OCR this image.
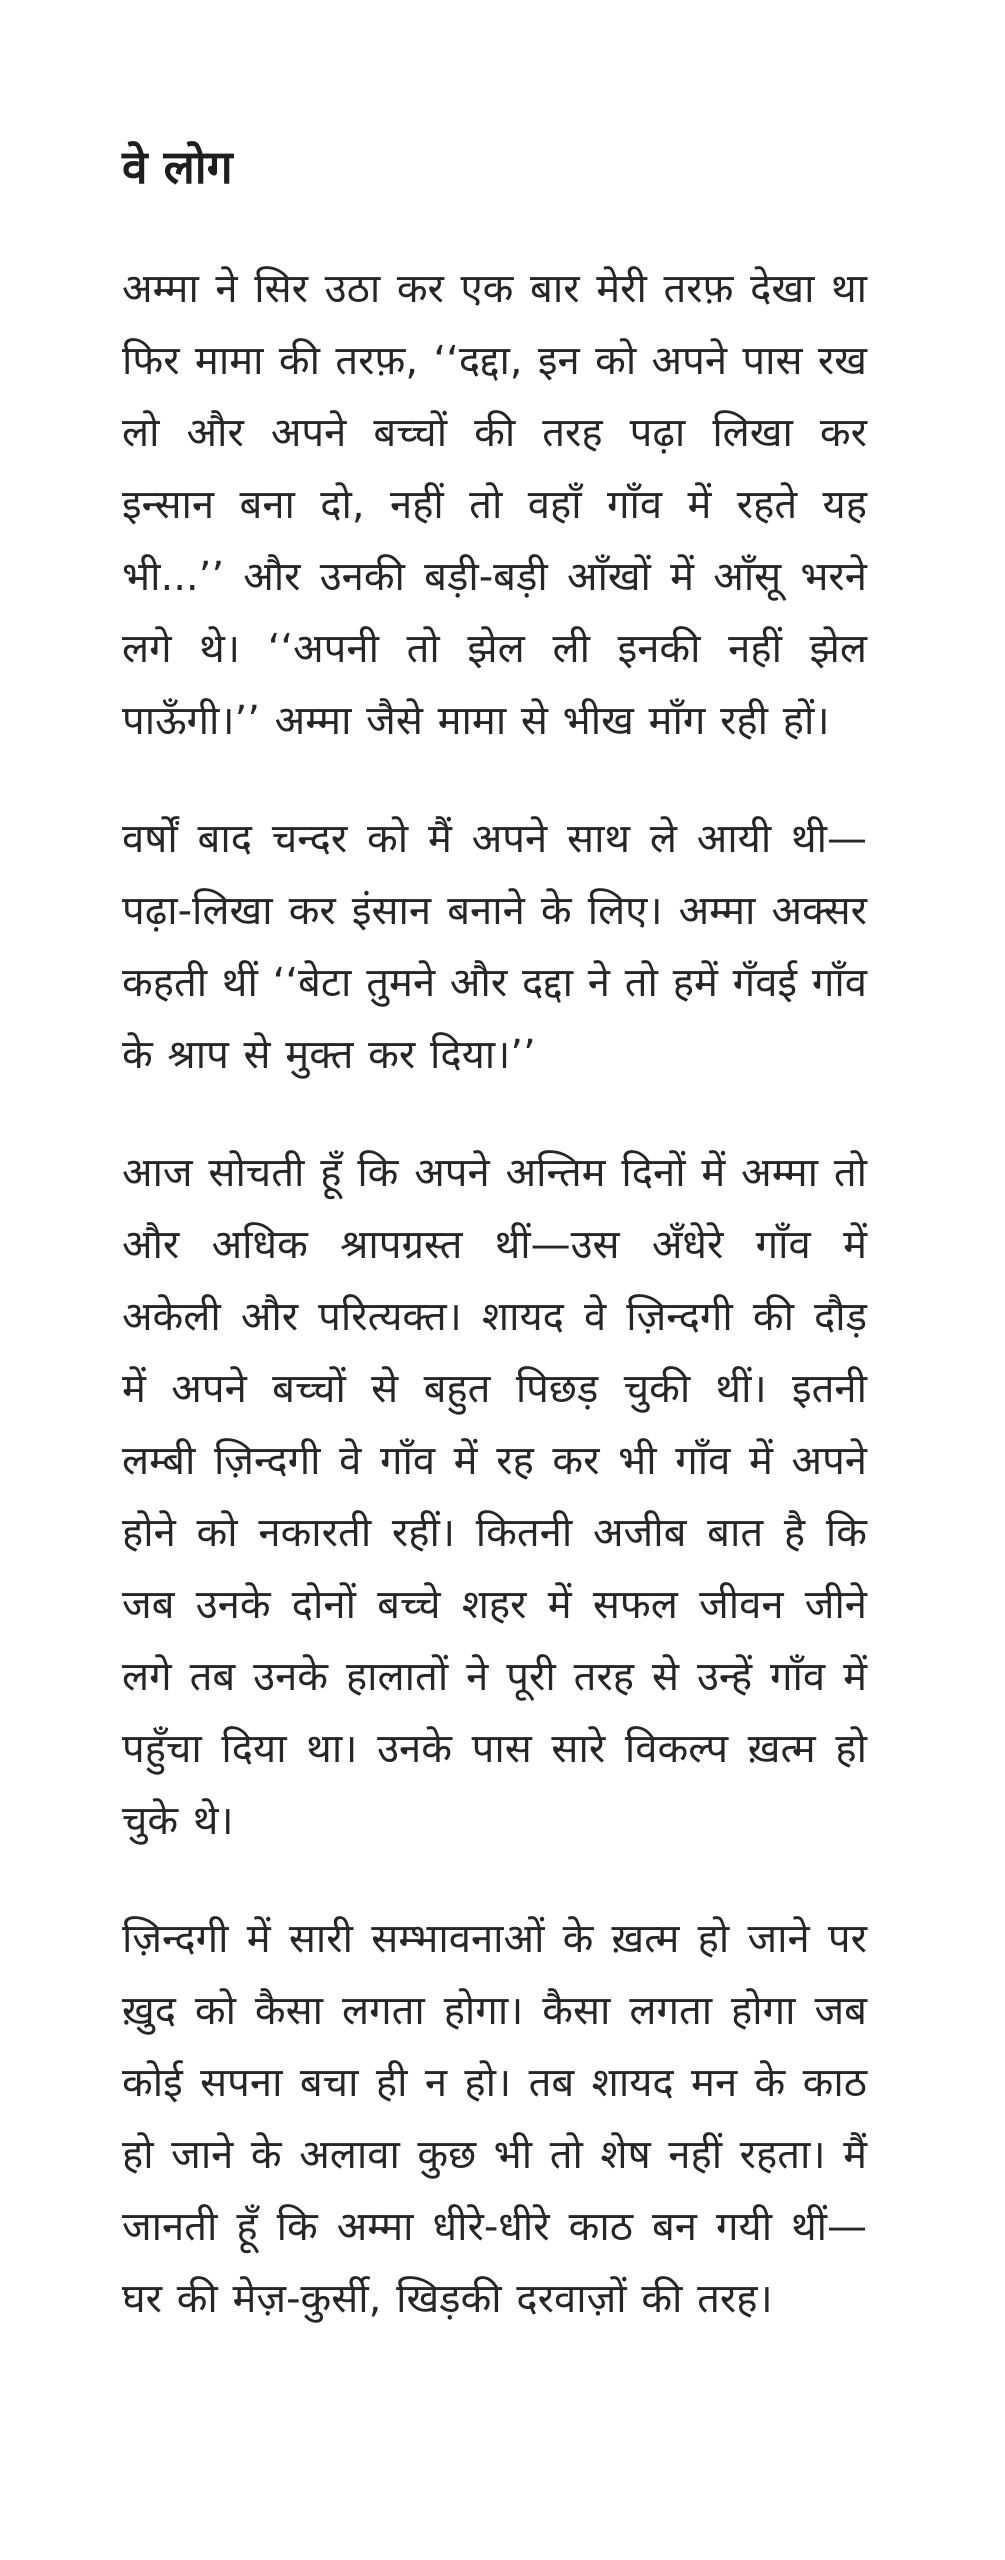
वे लोग

अम्मा ने सिर उठा कर एक बार मेरी तरफ़ देखा था फिर मामा की तरफ़, ‘‘दद्दा, इन को अपने पास रख लो और अपने बच्चों की तरह पढ़ा लिखा कर इन्सान बना दो, नहीं तो वहाँ गाँव में रहते यह भी...’’ और उनकी बड़ी-बड़ी आँखों में आँसू भरने लगे थे। ‘‘अपनी तो झेल ली इनकी नहीं झेल पाऊँगी।’’ अम्मा जैसे मामा से भीख माँग रही हों।

वर्षों बाद चन्दर को मैं अपने साथ ले आयी थी—पढ़ा-लिखा कर इंसान बनाने के लिए। अम्मा अक्सर कहती थीं ‘‘बेटा तुमने और दद्दा ने तो हमें गँवई गाँव के श्राप से मुक्त कर दिया।’’

आज सोचती हूँ कि अपने अन्तिम दिनों में अम्मा तो और अधिक श्रापग्रस्त थीं—उस अँधेरे गाँव में अकेली और परित्यक्त। शायद वे ज़िन्दगी की दौड़ में अपने बच्चों से बहुत पिछड़ चुकी थीं। इतनी लम्बी ज़िन्दगी वे गाँव में रह कर भी गाँव में अपने होने को नकारती रहीं। कितनी अजीब बात है कि जब उनके दोनों बच्चे शहर में सफल जीवन जीने लगे तब उनके हालातों ने पूरी तरह से उन्हें गाँव में पहुँचा दिया था। उनके पास सारे विकल्प ख़त्म हो चुके थे।

ज़िन्दगी में सारी सम्भावनाओं के ख़त्म हो जाने पर ख़ुद को कैसा लगता होगा। कैसा लगता होगा जब कोई सपना बचा ही न हो। तब शायद मन के काठ हो जाने के अलावा कुछ भी तो शेष नहीं रहता। मैं जानती हूँ कि अम्मा धीरे-धीरे काठ बन गयी थीं—घर की मेज़-कुर्सी, खिड़की दरवाज़ों की तरह।
